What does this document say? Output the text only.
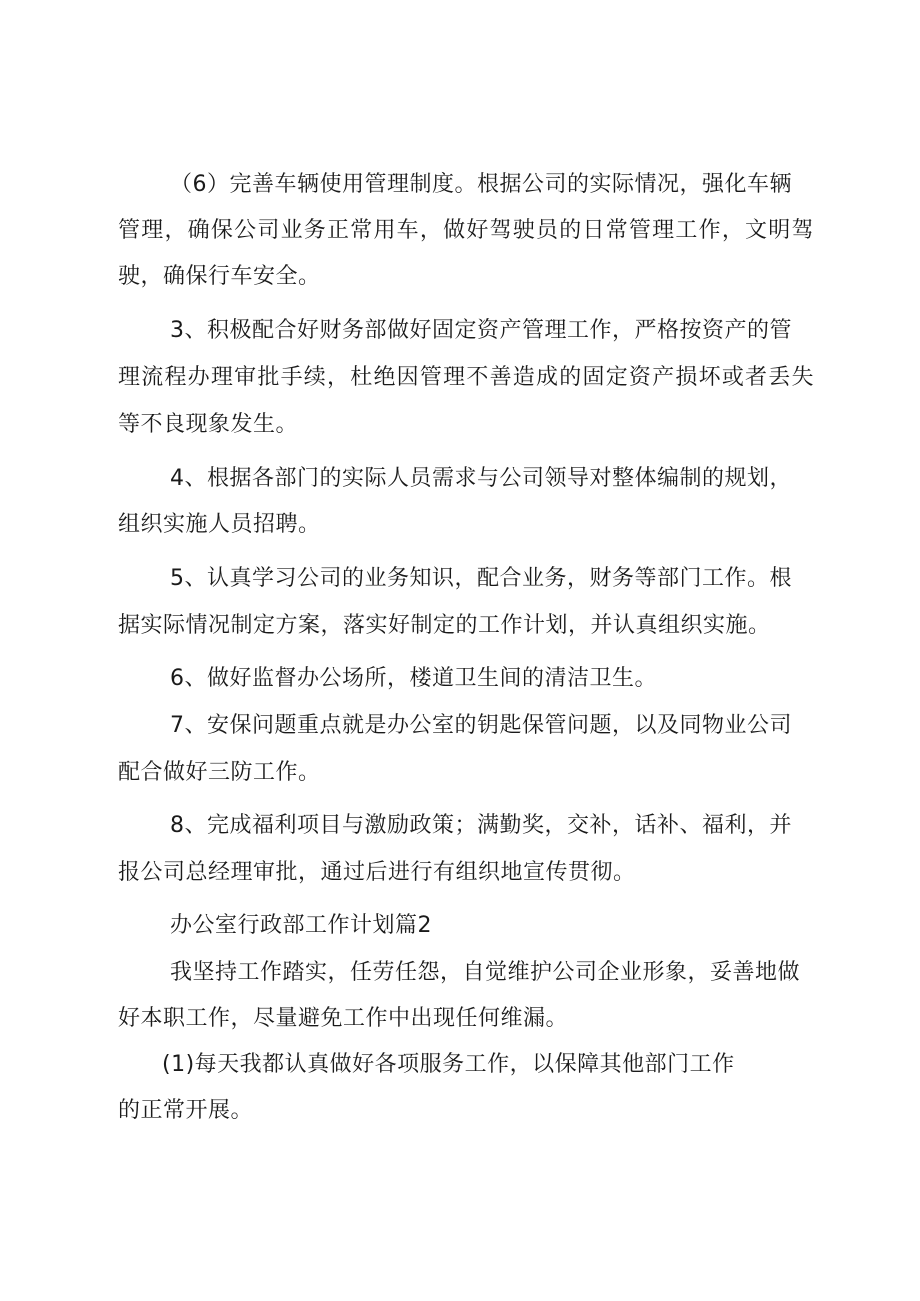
（6）完善车辆使用管理制度。根据公司的实际情况，强化车辆
管理，确保公司业务正常用车，做好驾驶员的日常管理工作，文明驾
驶，确保行车安全。
3、积极配合好财务部做好固定资产管理工作，严格按资产的管
理流程办理审批手续，杜绝因管理不善造成的固定资产损坏或者丢失
等不良现象发生。
4、根据各部门的实际人员需求与公司领导对整体编制的规划，
组织实施人员招聘。
5、认真学习公司的业务知识，配合业务，财务等部门工作。根
据实际情况制定方案，落实好制定的工作计划，并认真组织实施。
6、做好监督办公场所，楼道卫生间的清洁卫生。
7、安保问题重点就是办公室的钥匙保管问题，以及同物业公司
配合做好三防工作。
8、完成福利项目与激励政策；满勤奖，交补，话补、福利，并
报公司总经理审批，通过后进行有组织地宣传贯彻。
办公室行政部工作计划篇2
我坚持工作踏实，任劳任怨，自觉维护公司企业形象，妥善地做
好本职工作，尽量避免工作中出现任何维漏。
(1)每天我都认真做好各项服务工作，以保障其他部门工作
的正常开展。
